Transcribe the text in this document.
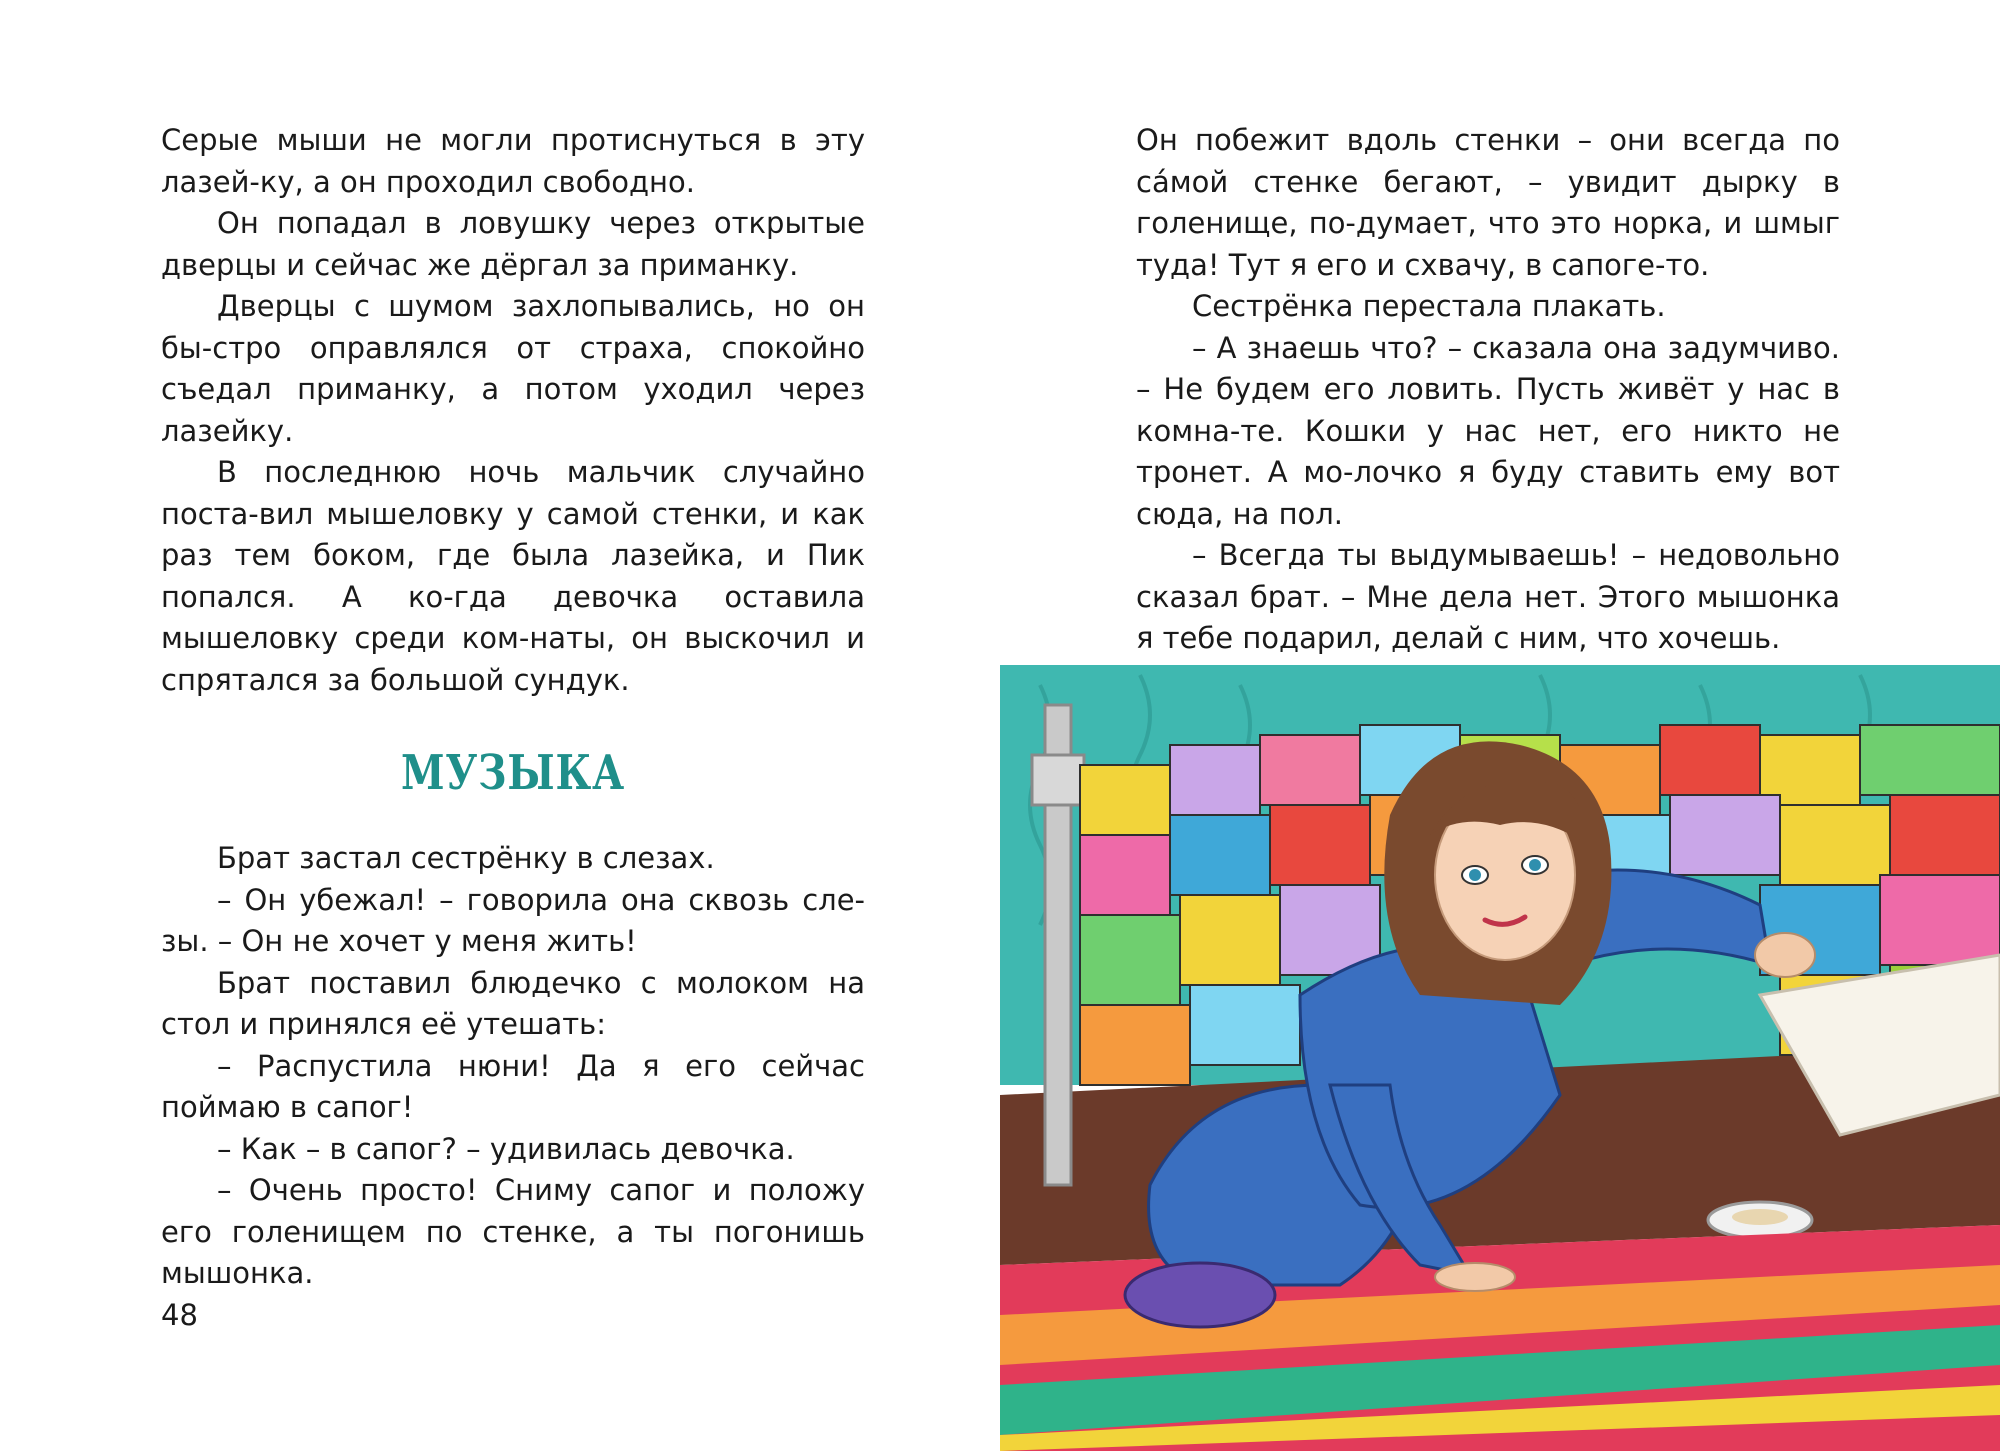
Серые мыши не могли протиснуться в эту лазей-ку, а он проходил свободно.

Он попадал в ловушку через открытые дверцы и сейчас же дёргал за приманку.

Дверцы с шумом захлопывались, но он бы-стро оправлялся от страха, спокойно съедал приманку, а потом уходил через лазейку.

В последнюю ночь мальчик случайно поста-вил мышеловку у самой стенки, и как раз тем боком, где была лазейка, и Пик попался. А ко-гда девочка оставила мышеловку среди ком-наты, он выскочил и спрятался за большой сундук.

МУЗЫКА

Брат застал сестрёнку в слезах.

– Он убежал! – говорила она сквозь сле-зы. – Он не хочет у меня жить!

Брат поставил блюдечко с молоком на стол и принялся её утешать:

– Распустила нюни! Да я его сейчас поймаю в сапог!

– Как – в сапог? – удивилась девочка.

– Очень просто! Сниму сапог и положу его голенищем по стенке, а ты погонишь мышонка.

48

Он побежит вдоль стенки – они всегда по са́мой стенке бегают, – увидит дырку в голенище, по-думает, что это норка, и шмыг туда! Тут я его и схвачу, в сапоге-то.

Сестрёнка перестала плакать.

– А знаешь что? – сказала она задумчиво. – Не будем его ловить. Пусть живёт у нас в комна-те. Кошки у нас нет, его никто не тронет. А мо-лочко я буду ставить ему вот сюда, на пол.

– Всегда ты выдумываешь! – недовольно сказал брат. – Мне дела нет. Этого мышонка я тебе подарил, делай с ним, что хочешь.
